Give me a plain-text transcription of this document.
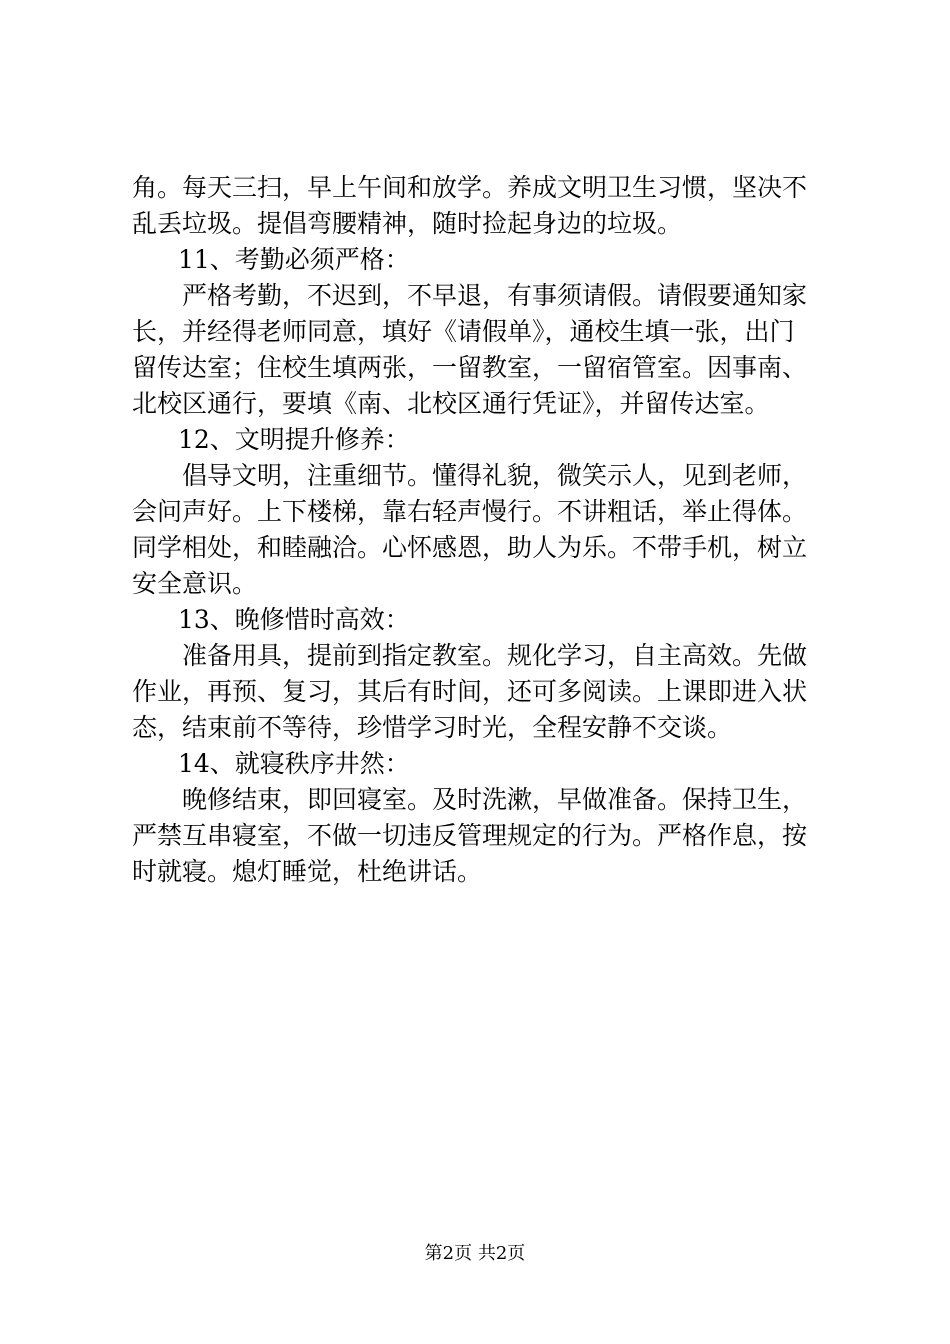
角。每天三扫，早上午间和放学。养成文明卫生习惯，坚决不
乱丢垃圾。提倡弯腰精神，随时捡起身边的垃圾。
11、考勤必须严格：
严格考勤，不迟到，不早退，有事须请假。请假要通知家
长，并经得老师同意，填好《请假单》，通校生填一张，出门
留传达室；住校生填两张，一留教室，一留宿管室。因事南、
北校区通行，要填《南、北校区通行凭证》，并留传达室。
12、文明提升修养：
倡导文明，注重细节。懂得礼貌，微笑示人，见到老师，
会问声好。上下楼梯，靠右轻声慢行。不讲粗话，举止得体。
同学相处，和睦融洽。心怀感恩，助人为乐。不带手机，树立
安全意识。
13、晚修惜时高效：
准备用具，提前到指定教室。规化学习，自主高效。先做
作业，再预、复习，其后有时间，还可多阅读。上课即进入状
态，结束前不等待，珍惜学习时光，全程安静不交谈。
14、就寝秩序井然：
晚修结束，即回寝室。及时洗漱，早做准备。保持卫生，
严禁互串寝室，不做一切违反管理规定的行为。严格作息，按
时就寝。熄灯睡觉，杜绝讲话。
第2页 共2页
